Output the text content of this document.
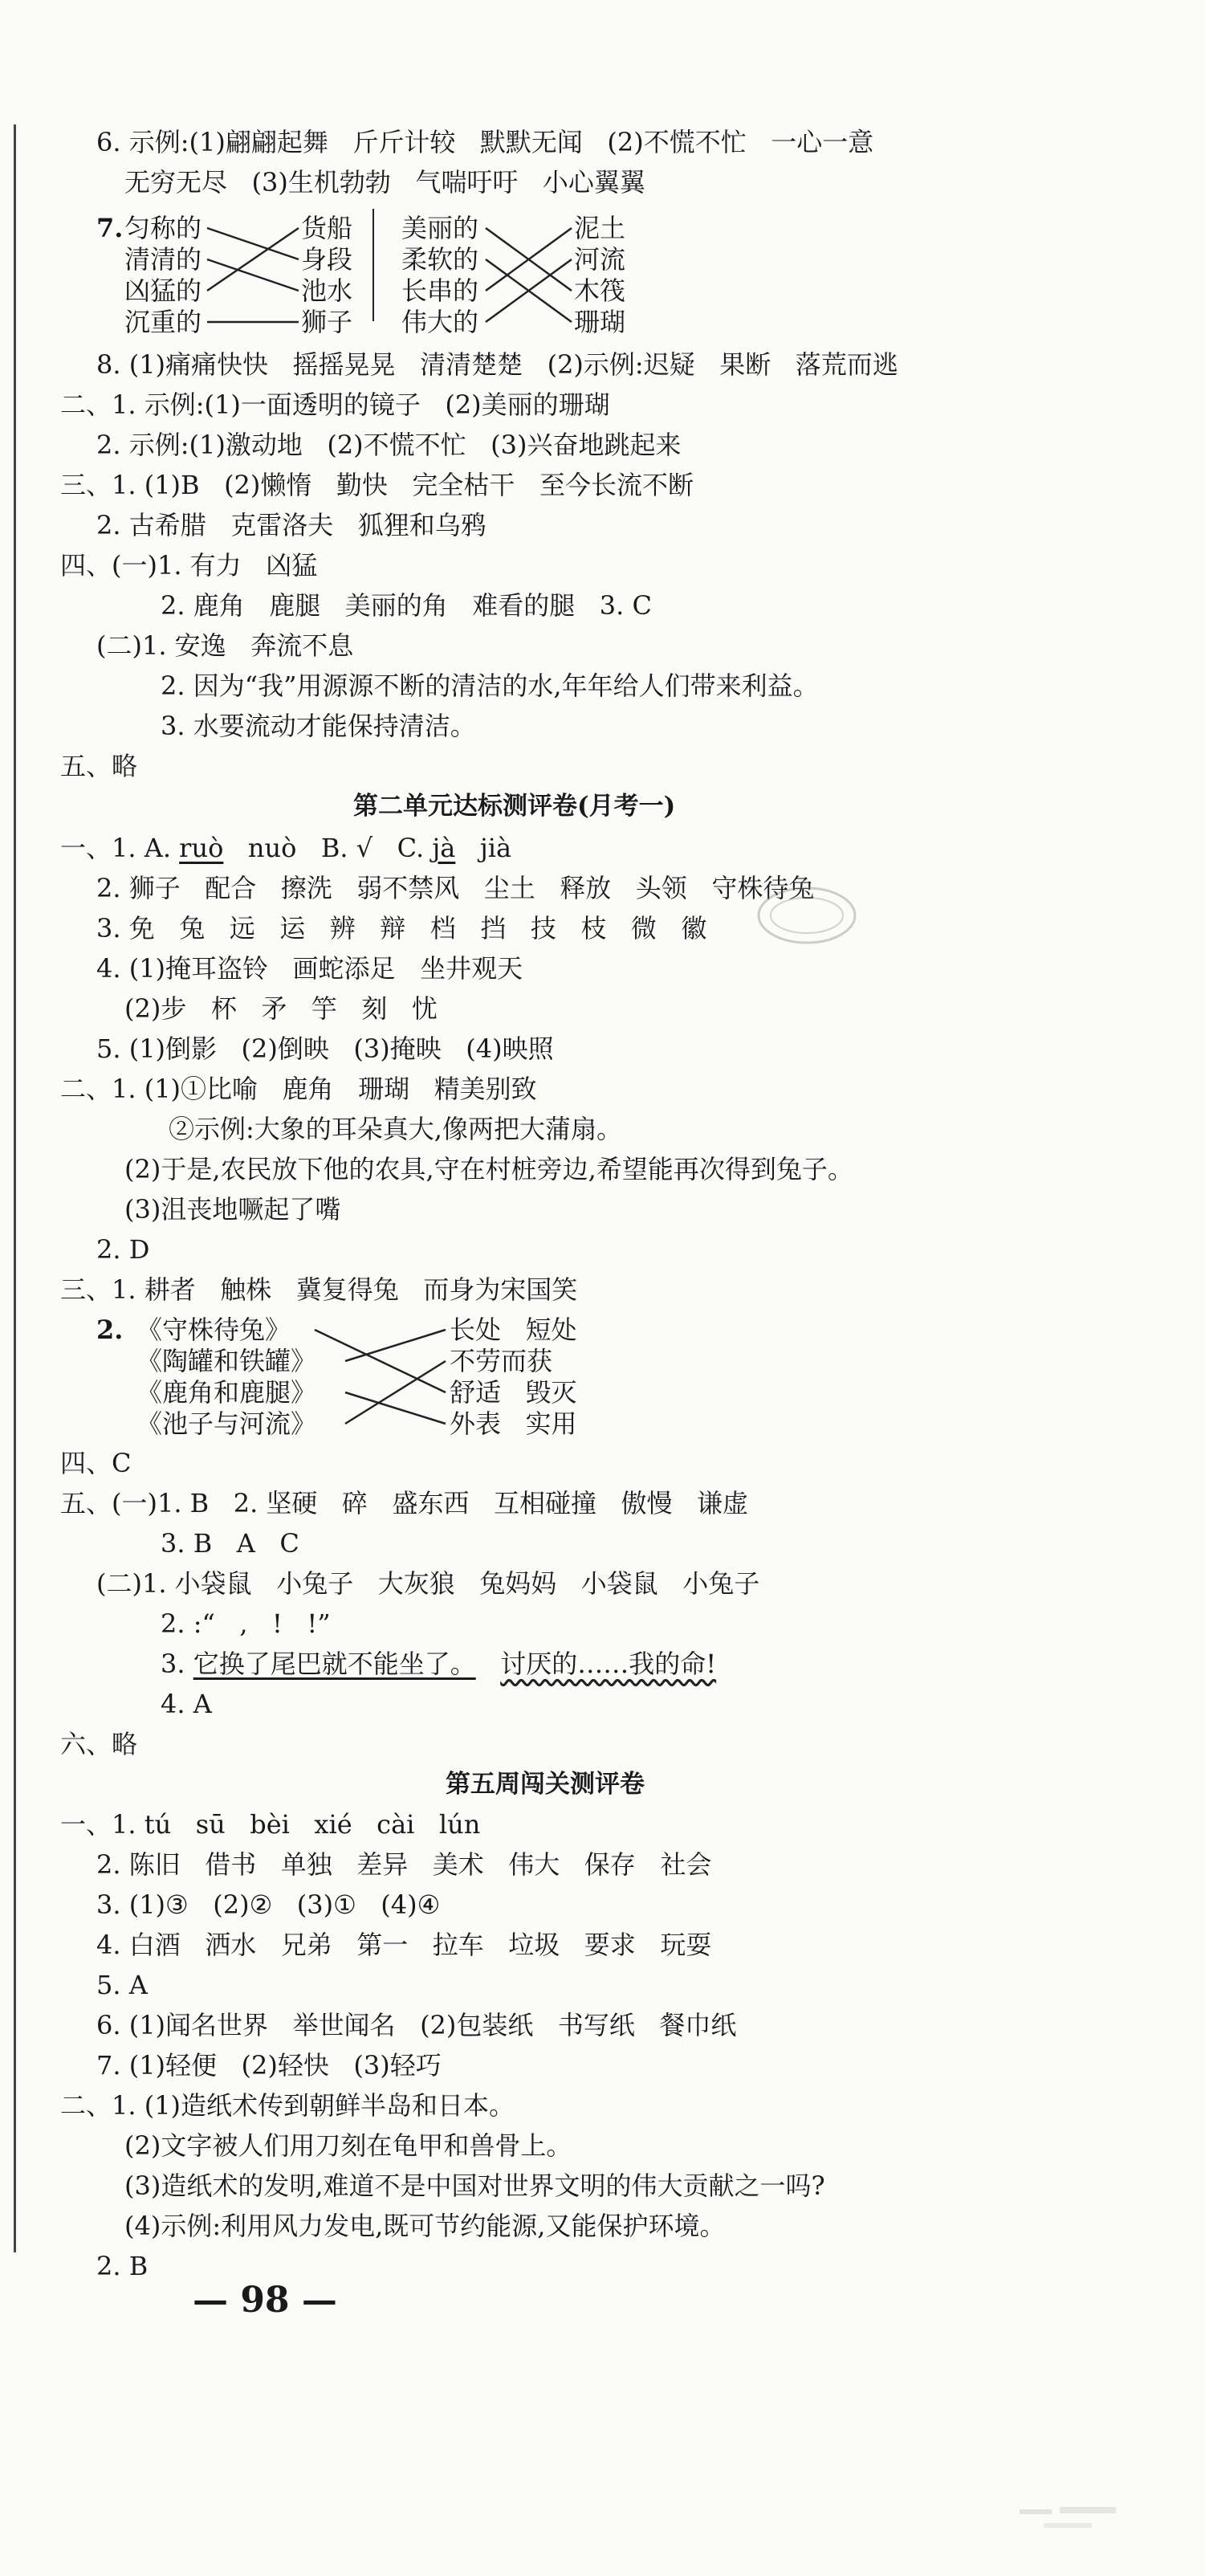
6. 示例:(1)翩翩起舞   斤斤计较   默默无闻   (2)不慌不忙   一心一意
无穷无尽   (3)生机勃勃   气喘吁吁   小心翼翼
7. 匀称的
清清的
凶猛的
沉重的
货船
身段
池水
狮子
美丽的
柔软的
长串的
伟大的
泥土
河流
木筏
珊瑚
8. (1)痛痛快快   摇摇晃晃   清清楚楚   (2)示例:迟疑   果断   落荒而逃
二、1. 示例:(1)一面透明的镜子   (2)美丽的珊瑚
2. 示例:(1)激动地   (2)不慌不忙   (3)兴奋地跳起来
三、1. (1)B   (2)懒惰   勤快   完全枯干   至今长流不断
2. 古希腊   克雷洛夫   狐狸和乌鸦
四、(一)1. 有力   凶猛
2. 鹿角   鹿腿   美丽的角   难看的腿   3. C
(二)1. 安逸   奔流不息
2. 因为“我”用源源不断的清洁的水,年年给人们带来利益。
3. 水要流动才能保持清洁。
五、略
第二单元达标测评卷(月考一)
一、1. A. ruò   nuò   B. √   C. jà   jià
2. 狮子   配合   擦洗   弱不禁风   尘土   释放   头领   守株待兔
3. 免   兔   远   运   辨   辩   档   挡   技   枝   微   徽
4. (1)掩耳盗铃   画蛇添足   坐井观天
(2)步   杯   矛   竽   刻   忧
5. (1)倒影   (2)倒映   (3)掩映   (4)映照
二、1. (1)①比喻   鹿角   珊瑚   精美别致
②示例:大象的耳朵真大,像两把大蒲扇。
(2)于是,农民放下他的农具,守在村桩旁边,希望能再次得到兔子。
(3)沮丧地噘起了嘴
2. D
三、1. 耕者   触株   冀复得兔   而身为宋国笑
2. 《守株待兔》
《陶罐和铁罐》
《鹿角和鹿腿》
《池子与河流》
长处   短处
不劳而获
舒适   毁灭
外表   实用
四、C
五、(一)1. B   2. 坚硬   碎   盛东西   互相碰撞   傲慢   谦虚
3. B   A   C
(二)1. 小袋鼠   小兔子   大灰狼   兔妈妈   小袋鼠   小兔子
2. :“   ,   !   !”
3. 它换了尾巴就不能坐了。 讨厌的……我的命!
4. A
六、略
第五周闯关测评卷
一、1. tú   sū   bèi   xié   cài   lún
2. 陈旧   借书   单独   差异   美术   伟大   保存   社会
3. (1)③   (2)②   (3)①   (4)④
4. 白酒   洒水   兄弟   第一   拉车   垃圾   要求   玩耍
5. A
6. (1)闻名世界   举世闻名   (2)包装纸   书写纸   餐巾纸
7. (1)轻便   (2)轻快   (3)轻巧
二、1. (1)造纸术传到朝鲜半岛和日本。
(2)文字被人们用刀刻在龟甲和兽骨上。
(3)造纸术的发明,难道不是中国对世界文明的伟大贡献之一吗?
(4)示例:利用风力发电,既可节约能源,又能保护环境。
2. B
— 98 —
